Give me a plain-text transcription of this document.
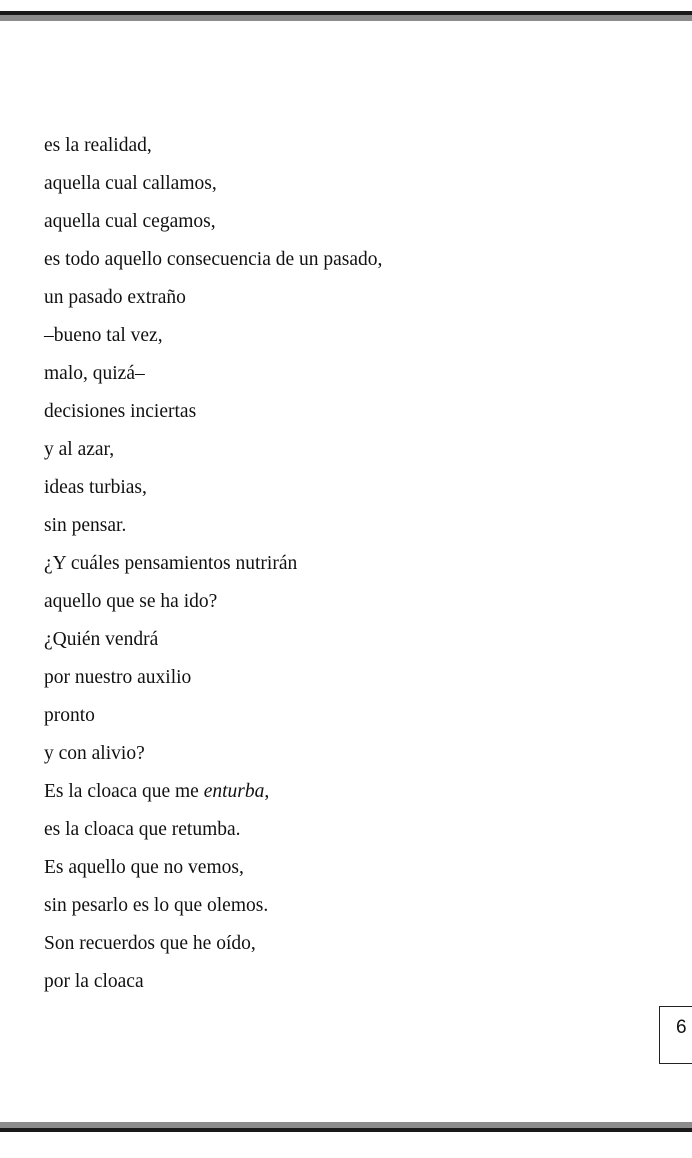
es la realidad,
aquella cual callamos,
aquella cual cegamos,
es todo aquello consecuencia de un pasado,
un pasado extraño
–bueno tal vez,
malo, quizá–
decisiones inciertas
y al azar,
ideas turbias,
sin pensar.
¿Y cuáles pensamientos nutrirán
aquello que se ha ido?
¿Quién vendrá
por nuestro auxilio
pronto
y con alivio?
Es la cloaca que me enturba,
es la cloaca que retumba.
Es aquello que no vemos,
sin pesarlo es lo que olemos.
Son recuerdos que he oído,
por la cloaca
6
